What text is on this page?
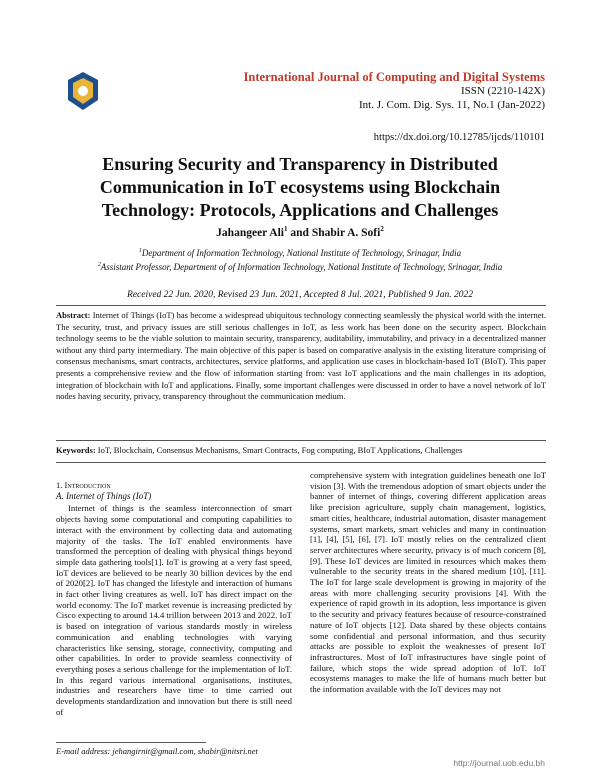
International Journal of Computing and Digital Systems
ISSN (2210-142X)
Int. J. Com. Dig. Sys. 11, No.1 (Jan-2022)
https://dx.doi.org/10.12785/ijcds/110101
Ensuring Security and Transparency in Distributed Communication in IoT ecosystems using Blockchain Technology: Protocols, Applications and Challenges
Jahangeer Ali$^1$ and Shabir A. Sofi$^2$
$^1$Department of Information Technology, National Institute of Technology, Srinagar, India
$^2$Assistant Professor, Department of of Information Technology, National Institute of Technology, Srinagar, India
Received 22 Jun. 2020, Revised 23 Jun. 2021, Accepted 8 Jul. 2021, Published 9 Jan. 2022
Abstract: Internet of Things (IoT) has become a widespread ubiquitous technology connecting seamlessly the physical world with the internet. The security, trust, and privacy issues are still serious challenges in IoT, as less work has been done on the security aspect. Blockchain technology seems to be the viable solution to maintain security, transparency, auditability, immutability, and privacy in a decentralized manner without any third party intermediary. The main objective of this paper is based on comparative analysis in the existing literature comprising of consensus mechanisms, smart contracts, architectures, service platforms, and application use cases in blockchain-based IoT (BIoT). This paper presents a comprehensive review and the flow of information starting from: vast IoT applications and the main challenges in its adoption, integration of blockchain with IoT and applications. Finally, some important challenges were discussed in order to have a novel network of IoT nodes having security, privacy, transparency throughout the communication medium.
Keywords: IoT, Blockchain, Consensus Mechanisms, Smart Contracts, Fog computing, BIoT Applications, Challenges
1. Introduction
A. Internet of Things (IoT)

Internet of things is the seamless interconnection of smart objects having some computational and computing capabilities to interact with the environment by collecting data and automating majority of the tasks. The IoT enabled environments have transformed the perception of dealing with physical things beyond simple data gathering tools[1]. IoT is growing at a very fast speed, IoT devices are believed to be nearly 30 billion devices by the end of 2020[2]. IoT has changed the lifestyle and interaction of humans in fact other living creatures as well. IoT has direct impact on the world economy. The IoT market revenue is increasing predicted by Cisco expecting to around 14.4 trillion between 2013 and 2022. IoT is based on integration of various standards mostly in wireless communication and enabling technologies with varying characteristics like sensing, storage, connectivity, computing and other capabilities. In order to provide seamless connectivity of everything poses a serious challenge for the implementation of IoT. In this regard various international organisations, institutes, industries and researchers have time to time carried out developments standardization and innovation but there is still need of

comprehensive system with integration guidelines beneath one IoT vision [3]. With the tremendous adoption of smart objects under the banner of internet of things, covering different application areas like precision agriculture, supply chain management, logistics, smart cities, healthcare, industrial automation, disaster management systems, smart markets, smart vehicles and many in continuation [1], [4], [5], [6], [7]. IoT mostly relies on the centralized client server architectures where security, privacy is of much concern [8], [9]. These IoT devices are limited in resources which makes them vulnerable to the security treats in the shared medium [10], [11]. The IoT for large scale development is growing in majority of the areas with more challenging security provisions [4]. With the experience of rapid growth in its adoption, less importance is given to the security and privacy features because of resource-constrained nature of IoT objects [12]. Data shared by these objects contains some confidential and personal information, and thus security attacks are possible to exploit the weaknesses of present IoT infrastructures. Most of IoT infrastructures have single point of failure, which stops the wide spread adoption of IoT. IoT ecosystems manages to make the life of humans much better but the information available with the IoT devices may not

E-mail address: jehangirnit@gmail.com, shabir@nitsri.net
http://journal.uob.edu.bh
